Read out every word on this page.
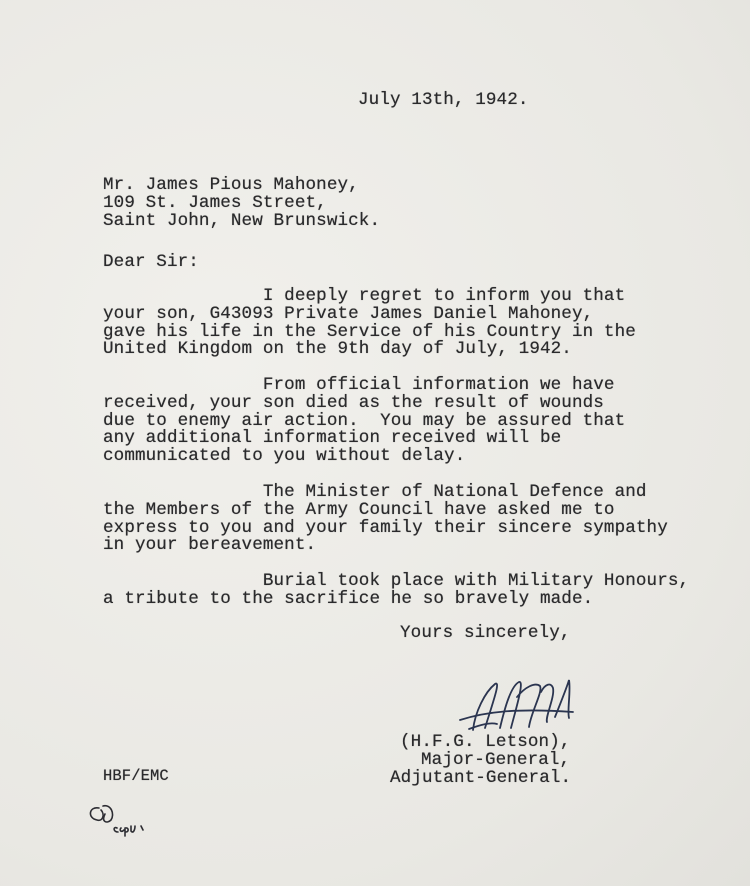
July 13th, 1942.
Mr. James Pious Mahoney,
109 St. James Street,
Saint John, New Brunswick.
Dear Sir:
I deeply regret to inform you that
your son, G43093 Private James Daniel Mahoney,
gave his life in the Service of his Country in the
United Kingdom on the 9th day of July, 1942.
From official information we have
received, your son died as the result of wounds
due to enemy air action.  You may be assured that
any additional information received will be
communicated to you without delay.
The Minister of National Defence and
the Members of the Army Council have asked me to
express to you and your family their sincere sympathy
in your bereavement.
Burial took place with Military Honours,
a tribute to the sacrifice he so bravely made.
Yours sincerely,
(H.F.G. Letson),
Major-General,
Adjutant-General.
HBF/EMC
